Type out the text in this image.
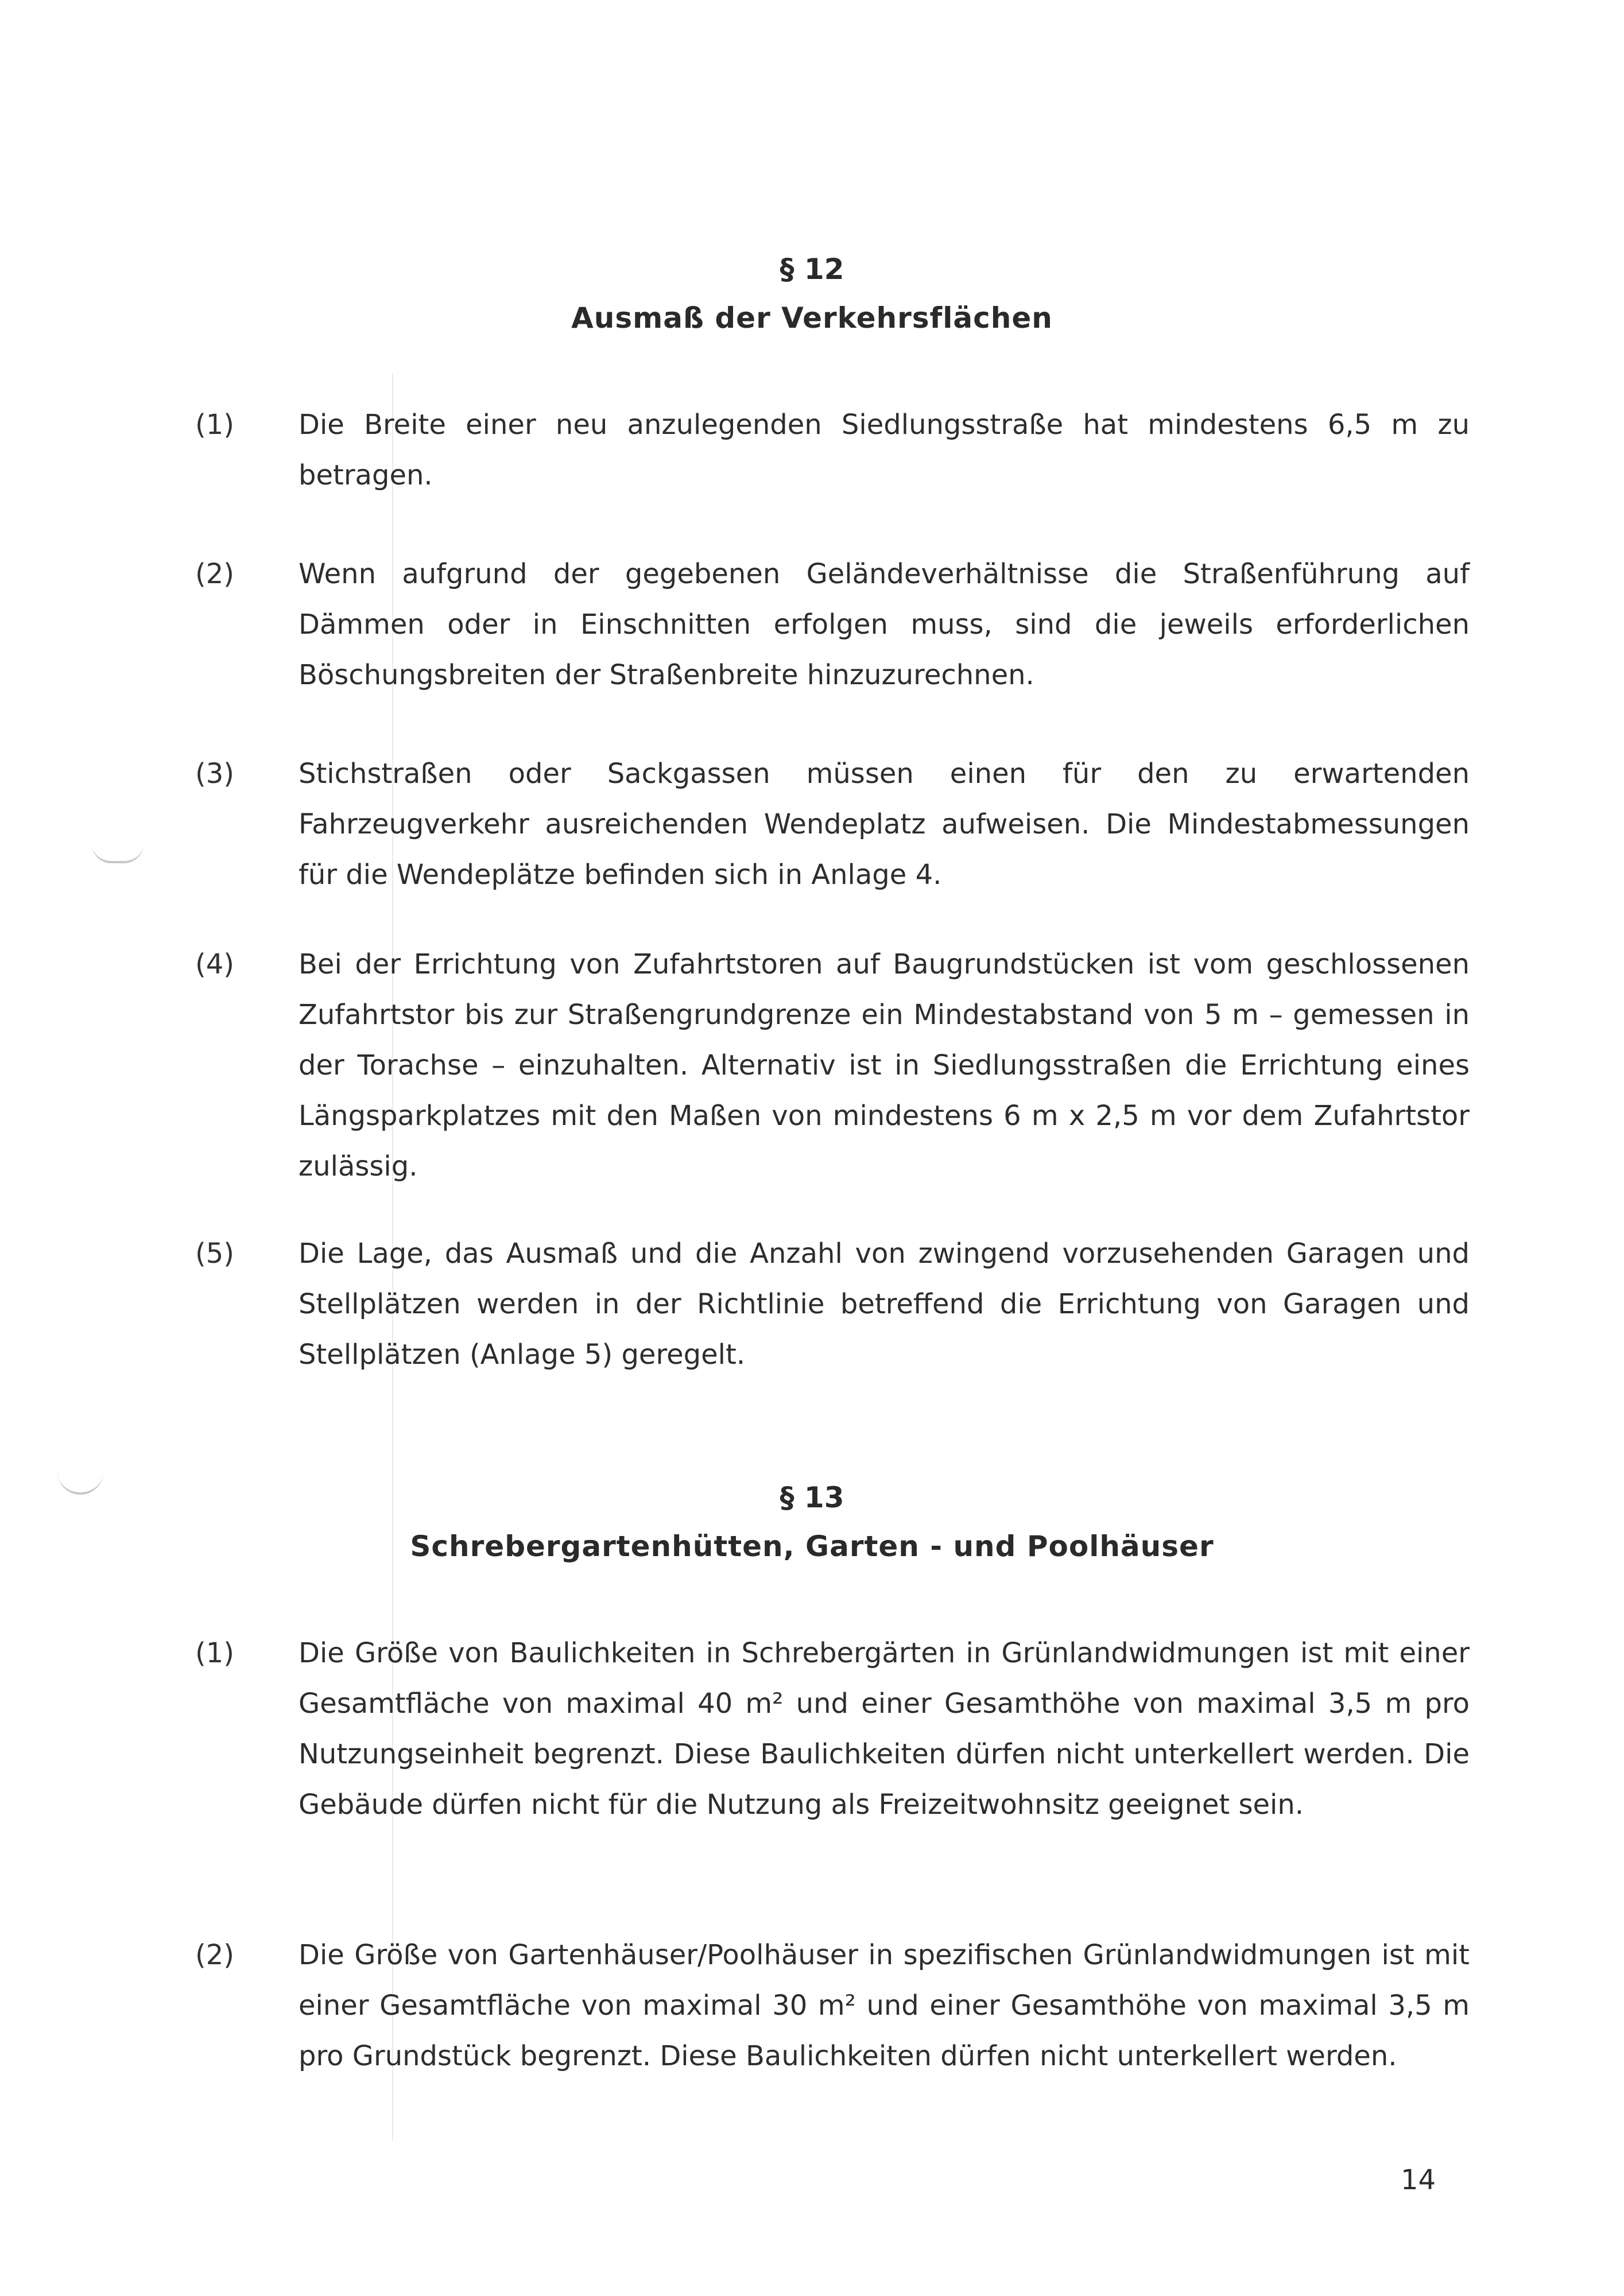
§ 12
Ausmaß der Verkehrsflächen
(1) Die Breite einer neu anzulegenden Siedlungsstraße hat mindestens 6,5 m zu betragen.
(2) Wenn aufgrund der gegebenen Geländeverhältnisse die Straßenführung auf Dämmen oder in Einschnitten erfolgen muss, sind die jeweils erforderlichen Böschungsbreiten der Straßenbreite hinzuzurechnen.
(3) Stichstraßen oder Sackgassen müssen einen für den zu erwartenden Fahrzeugverkehr ausreichenden Wendeplatz aufweisen. Die Mindestabmessungen für die Wendeplätze befinden sich in Anlage 4.
(4) Bei der Errichtung von Zufahrtstoren auf Baugrundstücken ist vom geschlossenen Zufahrtstor bis zur Straßengrundgrenze ein Mindestabstand von 5 m – gemessen in der Torachse – einzuhalten. Alternativ ist in Siedlungsstraßen die Errichtung eines Längsparkplatzes mit den Maßen von mindestens 6 m x 2,5 m vor dem Zufahrtstor zulässig.
(5) Die Lage, das Ausmaß und die Anzahl von zwingend vorzusehenden Garagen und Stellplätzen werden in der Richtlinie betreffend die Errichtung von Garagen und Stellplätzen (Anlage 5) geregelt.
§ 13
Schrebergartenhütten, Garten - und Poolhäuser
(1) Die Größe von Baulichkeiten in Schrebergärten in Grünlandwidmungen ist mit einer Gesamtfläche von maximal 40 m² und einer Gesamthöhe von maximal 3,5 m pro Nutzungseinheit begrenzt. Diese Baulichkeiten dürfen nicht unterkellert werden. Die Gebäude dürfen nicht für die Nutzung als Freizeitwohnsitz geeignet sein.
(2) Die Größe von Gartenhäuser/Poolhäuser in spezifischen Grünlandwidmungen ist mit einer Gesamtfläche von maximal 30 m² und einer Gesamthöhe von maximal 3,5 m pro Grundstück begrenzt. Diese Baulichkeiten dürfen nicht unterkellert werden.
14
